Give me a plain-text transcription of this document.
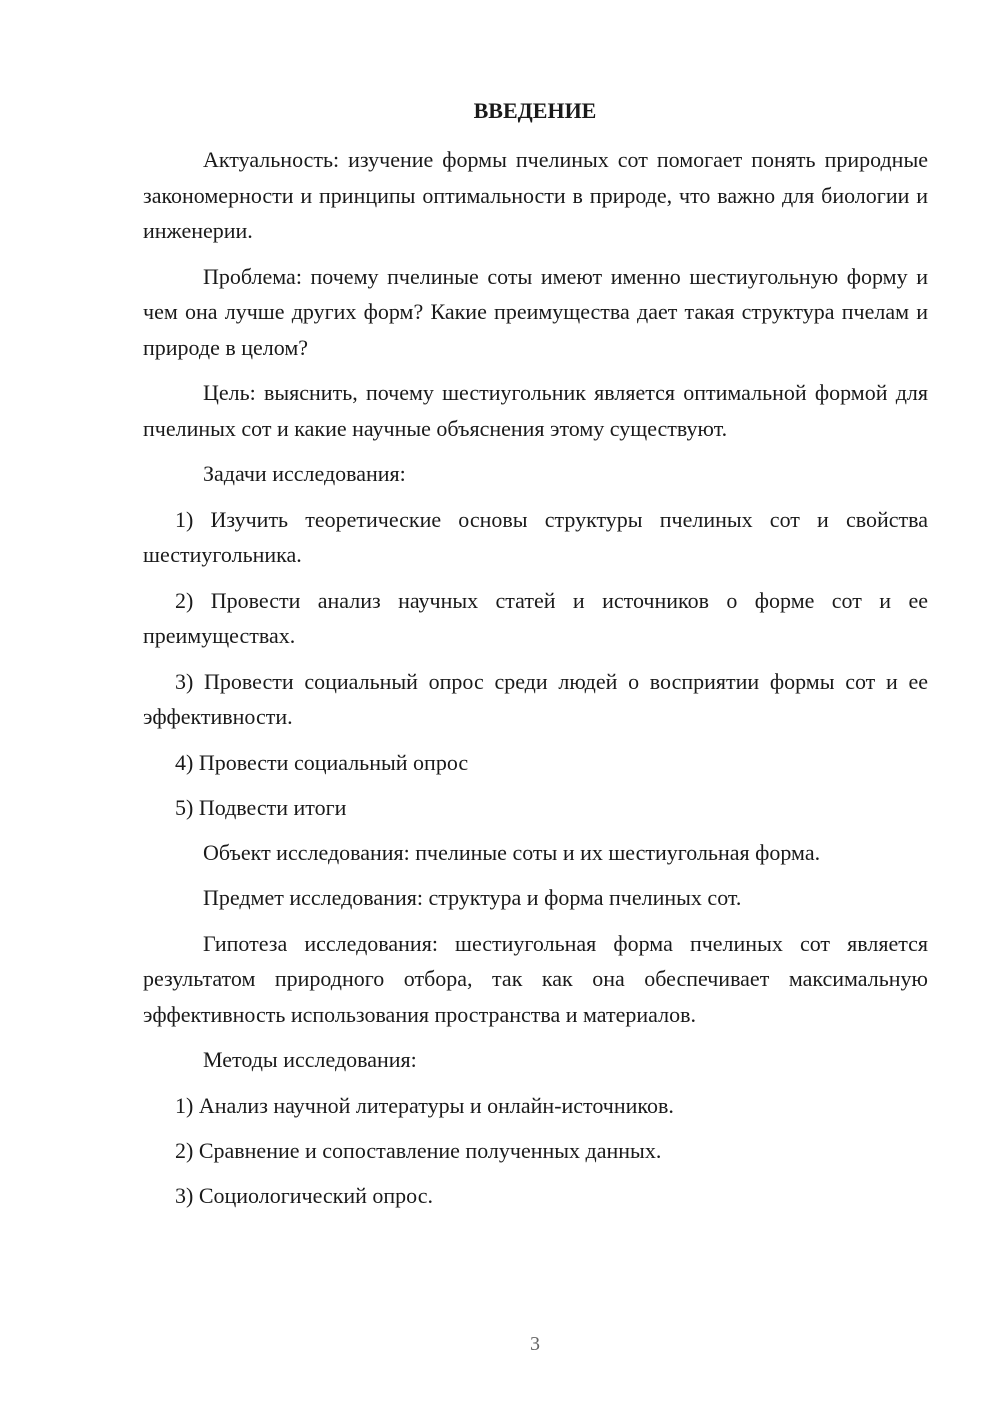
ВВЕДЕНИЕ

Актуальность: изучение формы пчелиных сот помогает понять природные закономерности и принципы оптимальности в природе, что важно для биологии и инженерии.

Проблема: почему пчелиные соты имеют именно шестиугольную форму и чем она лучше других форм? Какие преимущества дает такая структура пчелам и природе в целом?

Цель: выяснить, почему шестиугольник является оптимальной формой для пчелиных сот и какие научные объяснения этому существуют.

Задачи исследования:

1) Изучить теоретические основы структуры пчелиных сот и свойства шестиугольника.

2) Провести анализ научных статей и источников о форме сот и ее преимуществах.

3) Провести социальный опрос среди людей о восприятии формы сот и ее эффективности.

4) Провести социальный опрос

5) Подвести итоги

Объект исследования: пчелиные соты и их шестиугольная форма.

Предмет исследования: структура и форма пчелиных сот.

Гипотеза исследования: шестиугольная форма пчелиных сот является результатом природного отбора, так как она обеспечивает максимальную эффективность использования пространства и материалов.

Методы исследования:

1) Анализ научной литературы и онлайн-источников.

2) Сравнение и сопоставление полученных данных.

3) Социологический опрос.

3
